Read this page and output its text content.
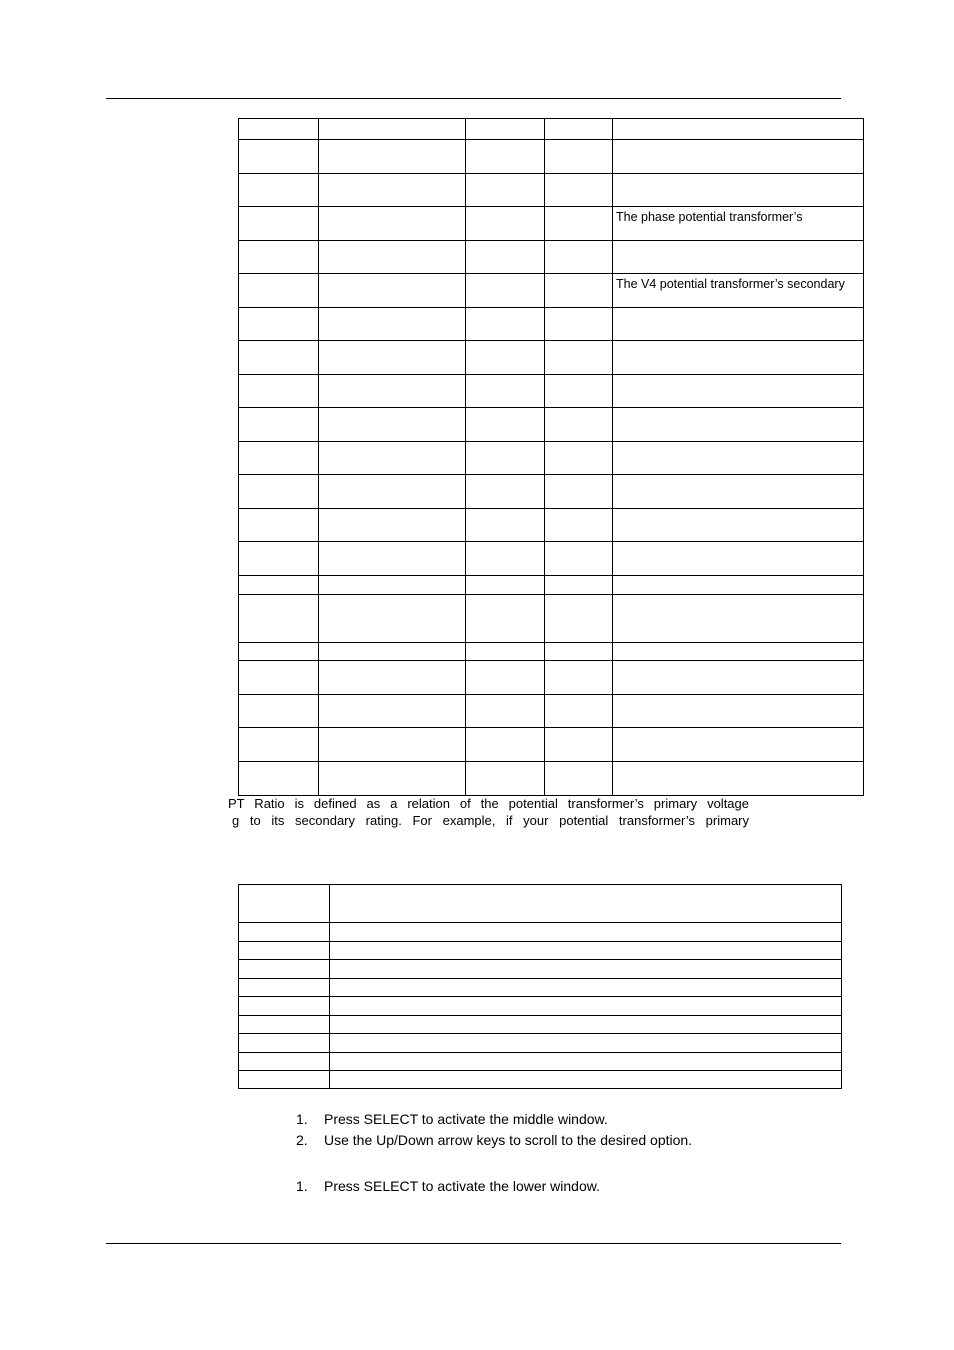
				The phase potential transformer’s

				The V4 potential transformer’s secondary

PT Ratio is defined as a relation of the potential transformer’s primary voltage
g to its secondary rating. For example, if your potential transformer’s primary

1. Press SELECT to activate the middle window.
2. Use the Up/Down arrow keys to scroll to the desired option.
1. Press SELECT to activate the lower window.
